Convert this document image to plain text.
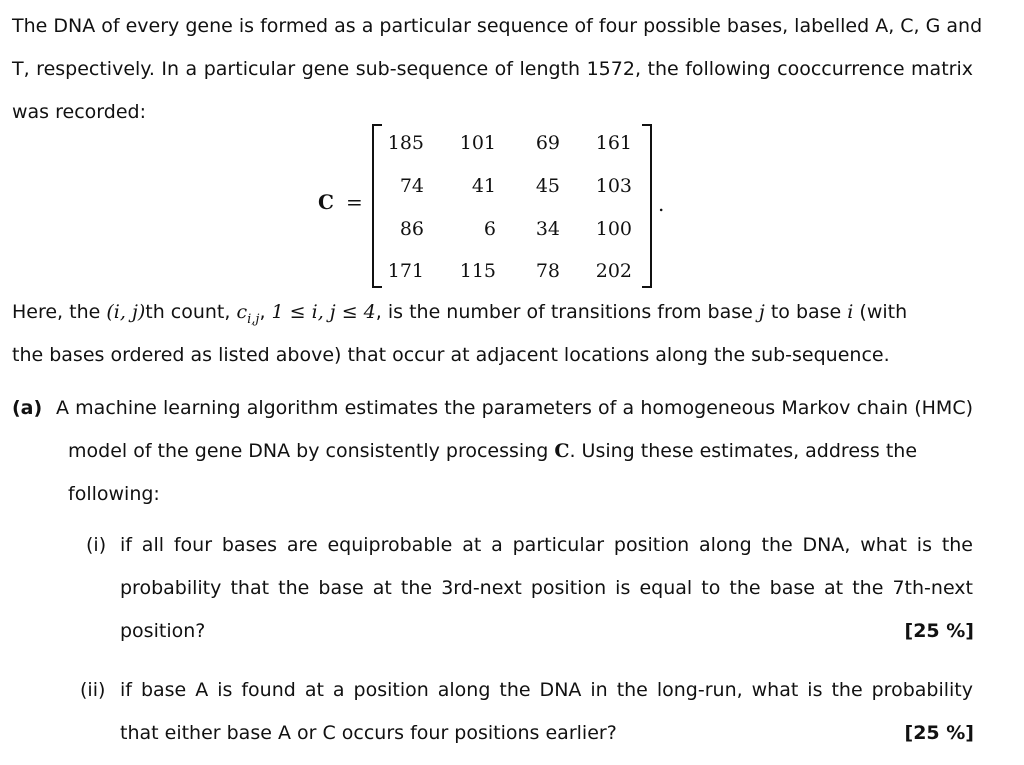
The DNA of every gene is formed as a particular sequence of four possible bases, labelled A, C, G and
T, respectively. In a particular gene sub-sequence of length 1572, the following cooccurrence matrix
was recorded:
C =
185	101	69	161
74	41	45	103
86	6	34	100
171	115	78	202
.
Here, the (i, j)th count, $c_{i,j}$, 1 ≤ i, j ≤ 4, is the number of transitions from base j to base i (with
the bases ordered as listed above) that occur at adjacent locations along the sub-sequence.
(a) A machine learning algorithm estimates the parameters of a homogeneous Markov chain (HMC)
model of the gene DNA by consistently processing C. Using these estimates, address the
following:
(i) if all four bases are equiprobable at a particular position along the DNA, what is the
probability that the base at the 3rd-next position is equal to the base at the 7th-next
position?	[25 %]
(ii) if base A is found at a position along the DNA in the long-run, what is the probability
that either base A or C occurs four positions earlier?	[25 %]
